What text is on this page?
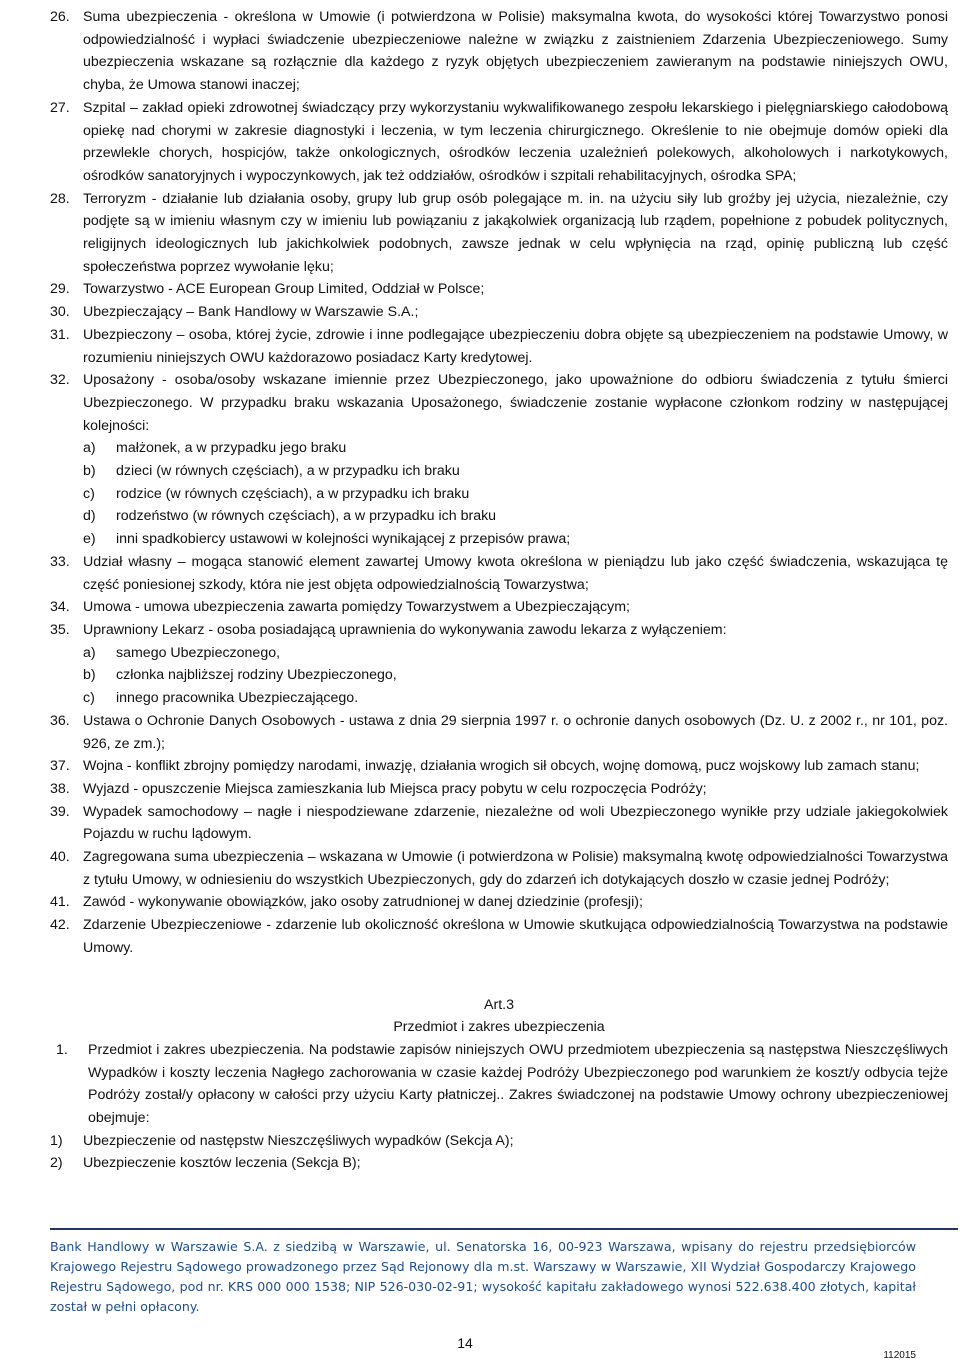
26. Suma ubezpieczenia - określona w Umowie (i potwierdzona w Polisie) maksymalna kwota, do wysokości której Towarzystwo ponosi odpowiedzialność i wypłaci świadczenie ubezpieczeniowe należne w związku z zaistnieniem Zdarzenia Ubezpieczeniowego. Sumy ubezpieczenia wskazane są rozłącznie dla każdego z ryzyk objętych ubezpieczeniem zawieranym na podstawie niniejszych OWU, chyba, że Umowa stanowi inaczej;
27. Szpital – zakład opieki zdrowotnej świadczący przy wykorzystaniu wykwalifikowanego zespołu lekarskiego i pielęgniarskiego całodobową opiekę nad chorymi w zakresie diagnostyki i leczenia, w tym leczenia chirurgicznego. Określenie to nie obejmuje domów opieki dla przewlekle chorych, hospicjów, także onkologicznych, ośrodków leczenia uzależnień polekowych, alkoholowych i narkotykowych, ośrodków sanatoryjnych i wypoczynkowych, jak też oddziałów, ośrodków i szpitali rehabilitacyjnych, ośrodka SPA;
28. Terroryzm - działanie lub działania osoby, grupy lub grup osób polegające m. in. na użyciu siły lub groźby jej użycia, niezależnie, czy podjęte są w imieniu własnym czy w imieniu lub powiązaniu z jakąkolwiek organizacją lub rządem, popełnione z pobudek politycznych, religijnych ideologicznych lub jakichkolwiek podobnych, zawsze jednak w celu wpłynięcia na rząd, opinię publiczną lub część społeczeństwa poprzez wywołanie lęku;
29. Towarzystwo - ACE European Group Limited, Oddział w Polsce;
30. Ubezpieczający – Bank Handlowy w Warszawie S.A.;
31. Ubezpieczony – osoba, której życie, zdrowie i inne podlegające ubezpieczeniu dobra objęte są ubezpieczeniem na podstawie Umowy, w rozumieniu niniejszych OWU każdorazowo posiadacz Karty kredytowej.
32. Uposażony - osoba/osoby wskazane imiennie przez Ubezpieczonego, jako upoważnione do odbioru świadczenia z tytułu śmierci Ubezpieczonego. W przypadku braku wskazania Uposażonego, świadczenie zostanie wypłacone członkom rodziny w następującej kolejności:
a) małżonek, a w przypadku jego braku
b) dzieci (w równych częściach), a w przypadku ich braku
c) rodzice (w równych częściach), a w przypadku ich braku
d) rodzeństwo (w równych częściach), a w przypadku ich braku
e) inni spadkobiercy ustawowi w kolejności wynikającej z przepisów prawa;
33. Udział własny – mogąca stanowić element zawartej Umowy kwota określona w pieniądzu lub jako część świadczenia, wskazująca tę część poniesionej szkody, która nie jest objęta odpowiedzialnością Towarzystwa;
34. Umowa - umowa ubezpieczenia zawarta pomiędzy Towarzystwem a Ubezpieczającym;
35. Uprawniony Lekarz - osoba posiadającą uprawnienia do wykonywania zawodu lekarza z wyłączeniem:
a) samego Ubezpieczonego,
b) członka najbliższej rodziny Ubezpieczonego,
c) innego pracownika Ubezpieczającego.
36. Ustawa o Ochronie Danych Osobowych - ustawa z dnia 29 sierpnia 1997 r. o ochronie danych osobowych (Dz. U. z 2002 r., nr 101, poz. 926, ze zm.);
37. Wojna - konflikt zbrojny pomiędzy narodami, inwazję, działania wrogich sił obcych, wojnę domową, pucz wojskowy lub zamach stanu;
38. Wyjazd - opuszczenie Miejsca zamieszkania lub Miejsca pracy pobytu w celu rozpoczęcia Podróży;
39. Wypadek samochodowy – nagłe i niespodziewane zdarzenie, niezależne od woli Ubezpieczonego wynikłe przy udziale jakiegokolwiek Pojazdu w ruchu lądowym.
40. Zagregowana suma ubezpieczenia – wskazana w Umowie (i potwierdzona w Polisie) maksymalną kwotę odpowiedzialności Towarzystwa z tytułu Umowy, w odniesieniu do wszystkich Ubezpieczonych, gdy do zdarzeń ich dotykających doszło w czasie jednej Podróży;
41. Zawód - wykonywanie obowiązków, jako osoby zatrudnionej w danej dziedzinie (profesji);
42. Zdarzenie Ubezpieczeniowe - zdarzenie lub okoliczność określona w Umowie skutkująca odpowiedzialnością Towarzystwa na podstawie Umowy.
Art.3
Przedmiot i zakres ubezpieczenia
1. Przedmiot i zakres ubezpieczenia. Na podstawie zapisów niniejszych OWU przedmiotem ubezpieczenia są następstwa Nieszczęśliwych Wypadków i koszty leczenia Nagłego zachorowania w czasie każdej Podróży Ubezpieczonego pod warunkiem że koszt/y odbycia tejże Podróży został/y opłacony w całości przy użyciu Karty płatniczej.. Zakres świadczonej na podstawie Umowy ochrony ubezpieczeniowej obejmuje:
1) Ubezpieczenie od następstw Nieszczęśliwych wypadków (Sekcja A);
2) Ubezpieczenie kosztów leczenia (Sekcja B);
Bank Handlowy w Warszawie S.A. z siedzibą w Warszawie, ul. Senatorska 16, 00-923 Warszawa, wpisany do rejestru przedsiębiorców Krajowego Rejestru Sądowego prowadzonego przez Sąd Rejonowy dla m.st. Warszawy w Warszawie, XII Wydział Gospodarczy Krajowego Rejestru Sądowego, pod nr. KRS 000 000 1538; NIP 526-030-02-91; wysokość kapitału zakładowego wynosi 522.638.400 złotych, kapitał został w pełni opłacony.
14
112015
